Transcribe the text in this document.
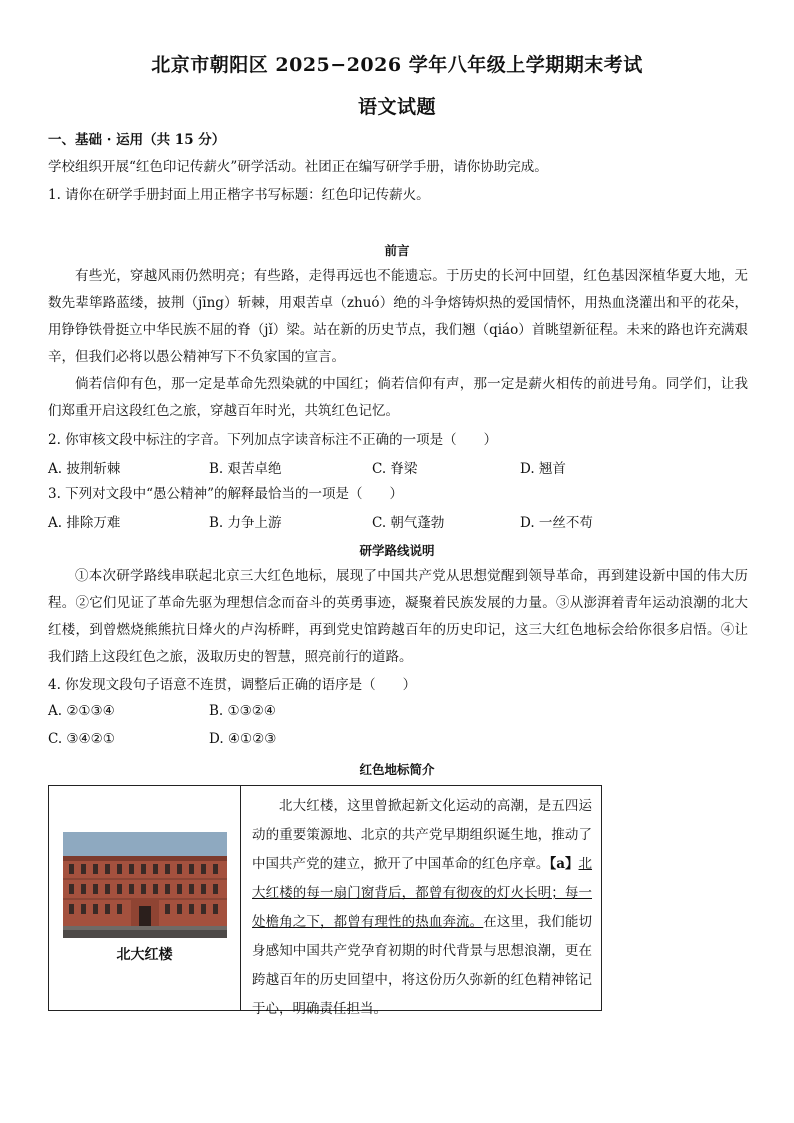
北京市朝阳区 2025−2026 学年八年级上学期期末考试
语文试题
一、基础 · 运用（共 15 分）
学校组织开展“红色印记传薪火”研学活动。社团正在编写研学手册，请你协助完成。
1. 请你在研学手册封面上用正楷字书写标题：红色印记传薪火。
前言
有些光，穿越风雨仍然明亮；有些路，走得再远也不能遗忘。于历史的长河中回望，红色基因深植华夏大地，无数先辈筚路蓝缕，披荆（jīng）斩棘，用艰苦卓（zhuó）绝的斗争熔铸炽热的爱国情怀，用热血浇灌出和平的花朵，用铮铮铁骨挺立中华民族不屈的脊（jǐ）梁。站在新的历史节点，我们翘（qiáo）首眺望新征程。未来的路也许充满艰辛，但我们必将以愚公精神写下不负家国的宣言。
倘若信仰有色，那一定是革命先烈染就的中国红；倘若信仰有声，那一定是薪火相传的前进号角。同学们，让我们郑重开启这段红色之旅，穿越百年时光，共筑红色记忆。
2. 你审核文段中标注的字音。下列加点字读音标注不正确的一项是（　　）
A. 披荆斩棘	B. 艰苦卓绝	C. 脊梁	D. 翘首
3. 下列对文段中“愚公精神”的解释最恰当的一项是（　　）
A. 排除万难	B. 力争上游	C. 朝气蓬勃	D. 一丝不苟
研学路线说明
①本次研学路线串联起北京三大红色地标，展现了中国共产党从思想觉醒到领导革命，再到建设新中国的伟大历程。②它们见证了革命先驱为理想信念而奋斗的英勇事迹，凝聚着民族发展的力量。③从澎湃着青年运动浪潮的北大红楼，到曾燃烧熊熊抗日烽火的卢沟桥畔，再到党史馆跨越百年的历史印记，这三大红色地标会给你很多启悟。④让我们踏上这段红色之旅，汲取历史的智慧，照亮前行的道路。
4. 你发现文段句子语意不连贯，调整后正确的语序是（　　）
A. ②①③④	B. ①③②④
C. ③④②①	D. ④①②③
红色地标简介
北大红楼
北大红楼，这里曾掀起新文化运动的高潮，是五四运动的重要策源地、北京的共产党早期组织诞生地，推动了中国共产党的建立，掀开了中国革命的红色序章。【a】北大红楼的每一扇门窗背后，都曾有彻夜的灯火长明；每一处檐角之下，都曾有理性的热血奔流。在这里，我们能切身感知中国共产党孕育初期的时代背景与思想浪潮，更在跨越百年的历史回望中，将这份历久弥新的红色精神铭记于心，明确责任担当。
